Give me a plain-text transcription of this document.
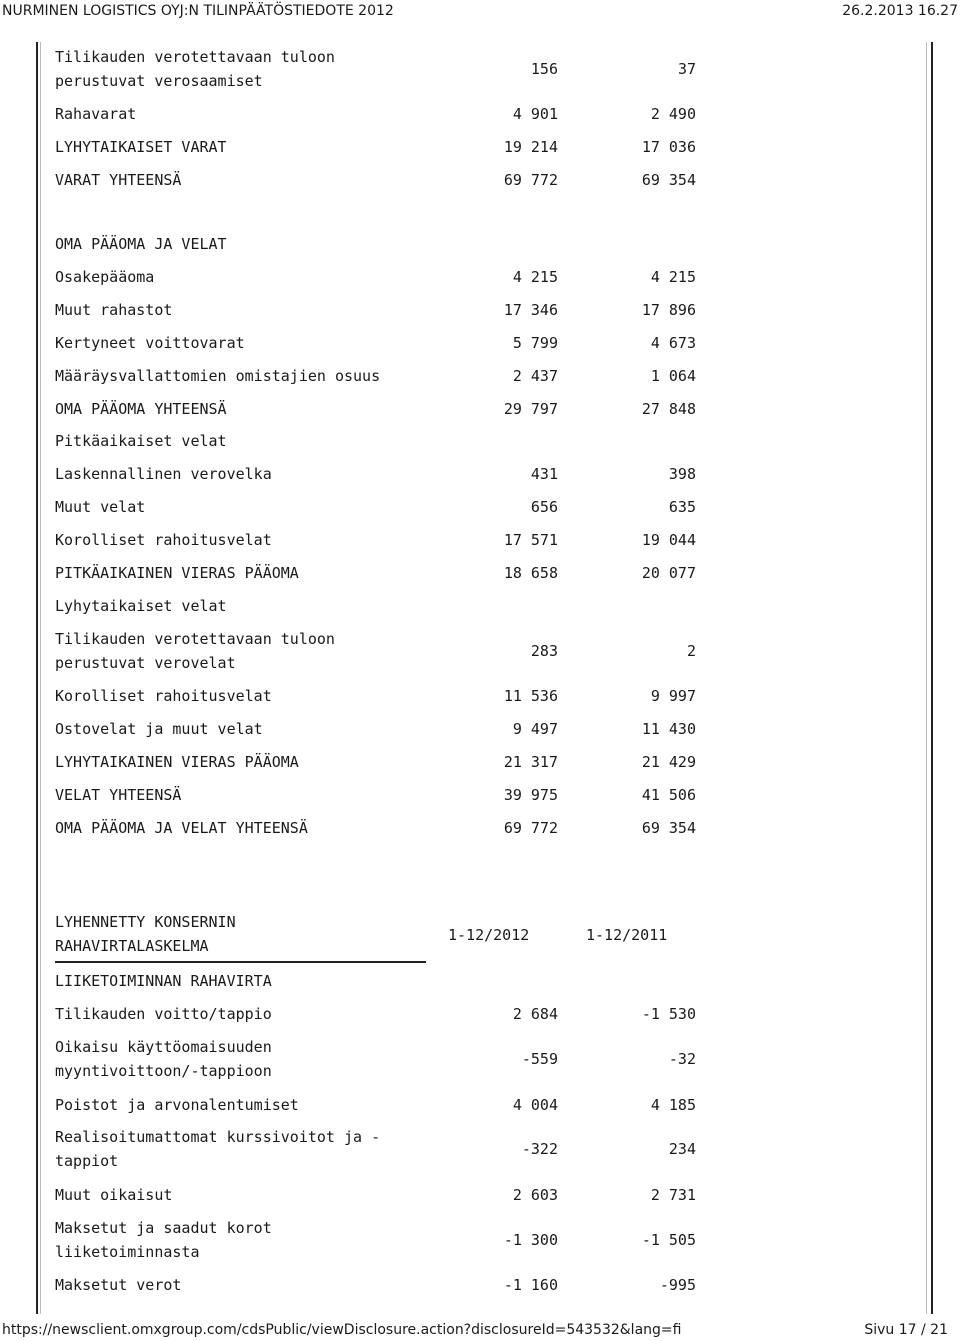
NURMINEN LOGISTICS OYJ:N TILINPÄÄTÖSTIEDOTE 2012	26.2.2013 16.27
Tilikauden verotettavaan tuloon
perustuvat verosaamiset
156	37
Rahavarat	4 901	2 490
LYHYTAIKAISET VARAT	19 214	17 036
VARAT YHTEENSÄ	69 772	69 354
OMA PÄÄOMA JA VELAT
Osakepääoma	4 215	4 215
Muut rahastot	17 346	17 896
Kertyneet voittovarat	5 799	4 673
Määräysvallattomien omistajien osuus	2 437	1 064
OMA PÄÄOMA YHTEENSÄ	29 797	27 848
Pitkäaikaiset velat
Laskennallinen verovelka	431	398
Muut velat	656	635
Korolliset rahoitusvelat	17 571	19 044
PITKÄAIKAINEN VIERAS PÄÄOMA	18 658	20 077
Lyhytaikaiset velat
Tilikauden verotettavaan tuloon
perustuvat verovelat
283	2
Korolliset rahoitusvelat	11 536	9 997
Ostovelat ja muut velat	9 497	11 430
LYHYTAIKAINEN VIERAS PÄÄOMA	21 317	21 429
VELAT YHTEENSÄ	39 975	41 506
OMA PÄÄOMA JA VELAT YHTEENSÄ	69 772	69 354
LYHENNETTY KONSERNIN
RAHAVIRTALASKELMA
1-12/2012	1-12/2011
LIIKETOIMINNAN RAHAVIRTA
Tilikauden voitto/tappio	2 684	-1 530
Oikaisu käyttöomaisuuden
myyntivoittoon/-tappioon
-559	-32
Poistot ja arvonalentumiset	4 004	4 185
Realisoitumattomat kurssivoitot ja -
tappiot
-322	234
Muut oikaisut	2 603	2 731
Maksetut ja saadut korot
liiketoiminnasta
-1 300	-1 505
Maksetut verot	-1 160	-995
https://newsclient.omxgroup.com/cdsPublic/viewDisclosure.action?disclosureId=543532&lang=fi	Sivu 17 / 21
